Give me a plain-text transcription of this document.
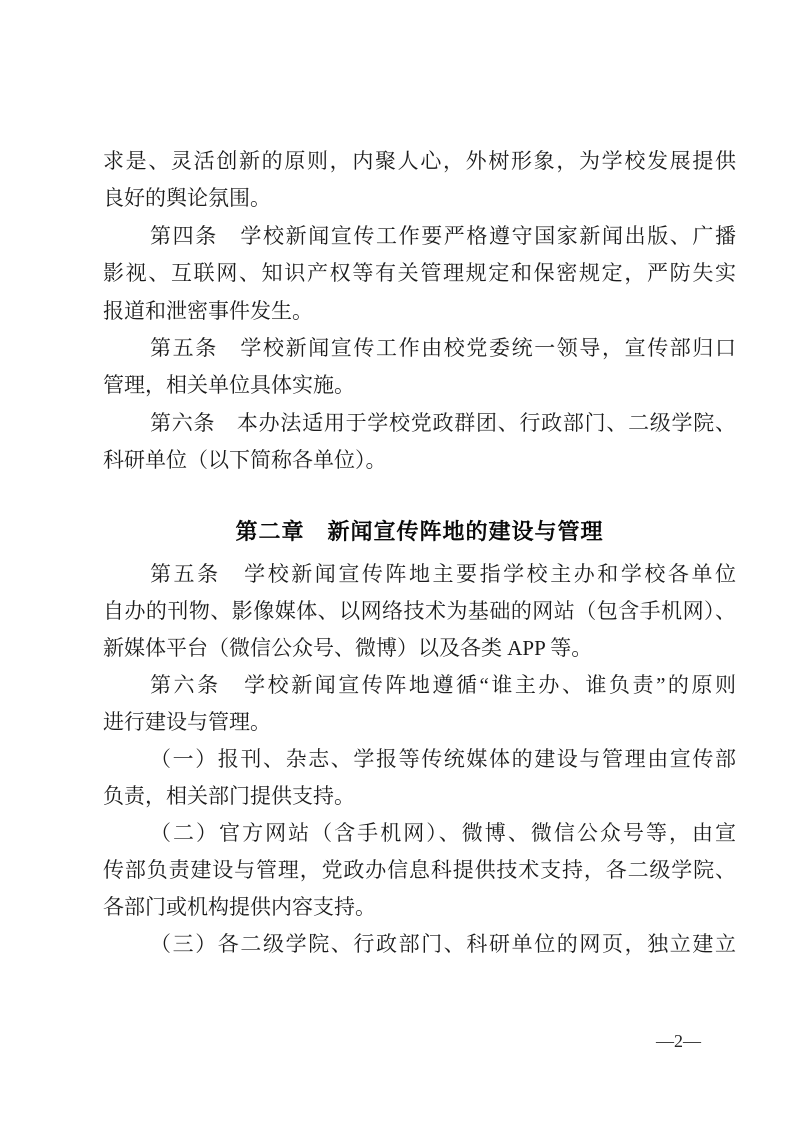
求是、灵活创新的原则，内聚人心，外树形象，为学校发展提供
良好的舆论氛围。
第四条　学校新闻宣传工作要严格遵守国家新闻出版、广播
影视、互联网、知识产权等有关管理规定和保密规定，严防失实
报道和泄密事件发生。
第五条　学校新闻宣传工作由校党委统一领导，宣传部归口
管理，相关单位具体实施。
第六条　本办法适用于学校党政群团、行政部门、二级学院、
科研单位（以下简称各单位）。
第二章　新闻宣传阵地的建设与管理
第五条　学校新闻宣传阵地主要指学校主办和学校各单位
自办的刊物、影像媒体、以网络技术为基础的网站（包含手机网）、
新媒体平台（微信公众号、微博）以及各类 APP 等。
第六条　学校新闻宣传阵地遵循“谁主办、谁负责”的原则
进行建设与管理。
（一）报刊、杂志、学报等传统媒体的建设与管理由宣传部
负责，相关部门提供支持。
（二）官方网站（含手机网）、微博、微信公众号等，由宣
传部负责建设与管理，党政办信息科提供技术支持，各二级学院、
各部门或机构提供内容支持。
（三）各二级学院、行政部门、科研单位的网页，独立建立
—2—
